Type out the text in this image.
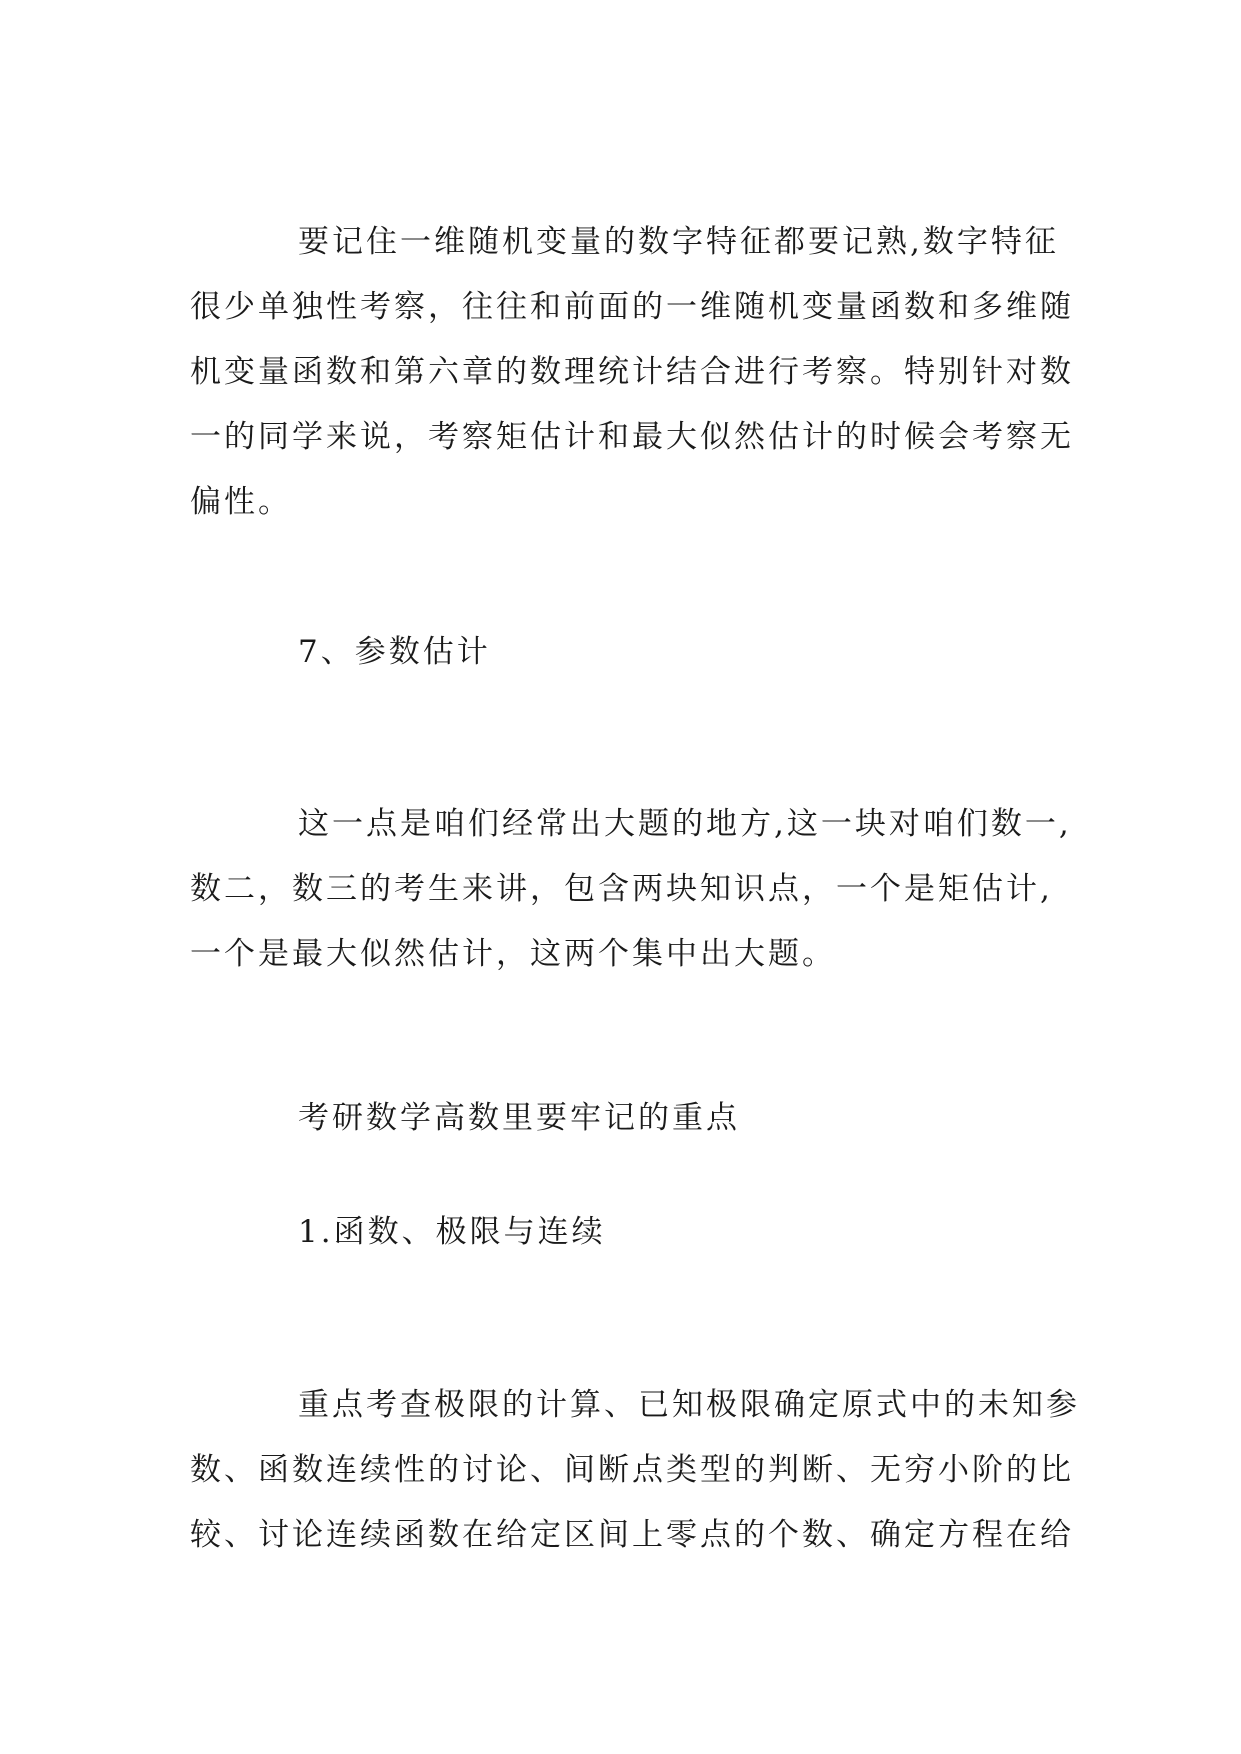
要记住一维随机变量的数字特征都要记熟,数字特征
很少单独性考察，往往和前面的一维随机变量函数和多维随
机变量函数和第六章的数理统计结合进行考察。特别针对数
一的同学来说，考察矩估计和最大似然估计的时候会考察无
偏性。
7、参数估计
这一点是咱们经常出大题的地方,这一块对咱们数一,
数二，数三的考生来讲，包含两块知识点，一个是矩估计,
一个是最大似然估计，这两个集中出大题。
考研数学高数里要牢记的重点
1.函数、极限与连续
重点考查极限的计算、已知极限确定原式中的未知参
数、函数连续性的讨论、间断点类型的判断、无穷小阶的比
较、讨论连续函数在给定区间上零点的个数、确定方程在给
